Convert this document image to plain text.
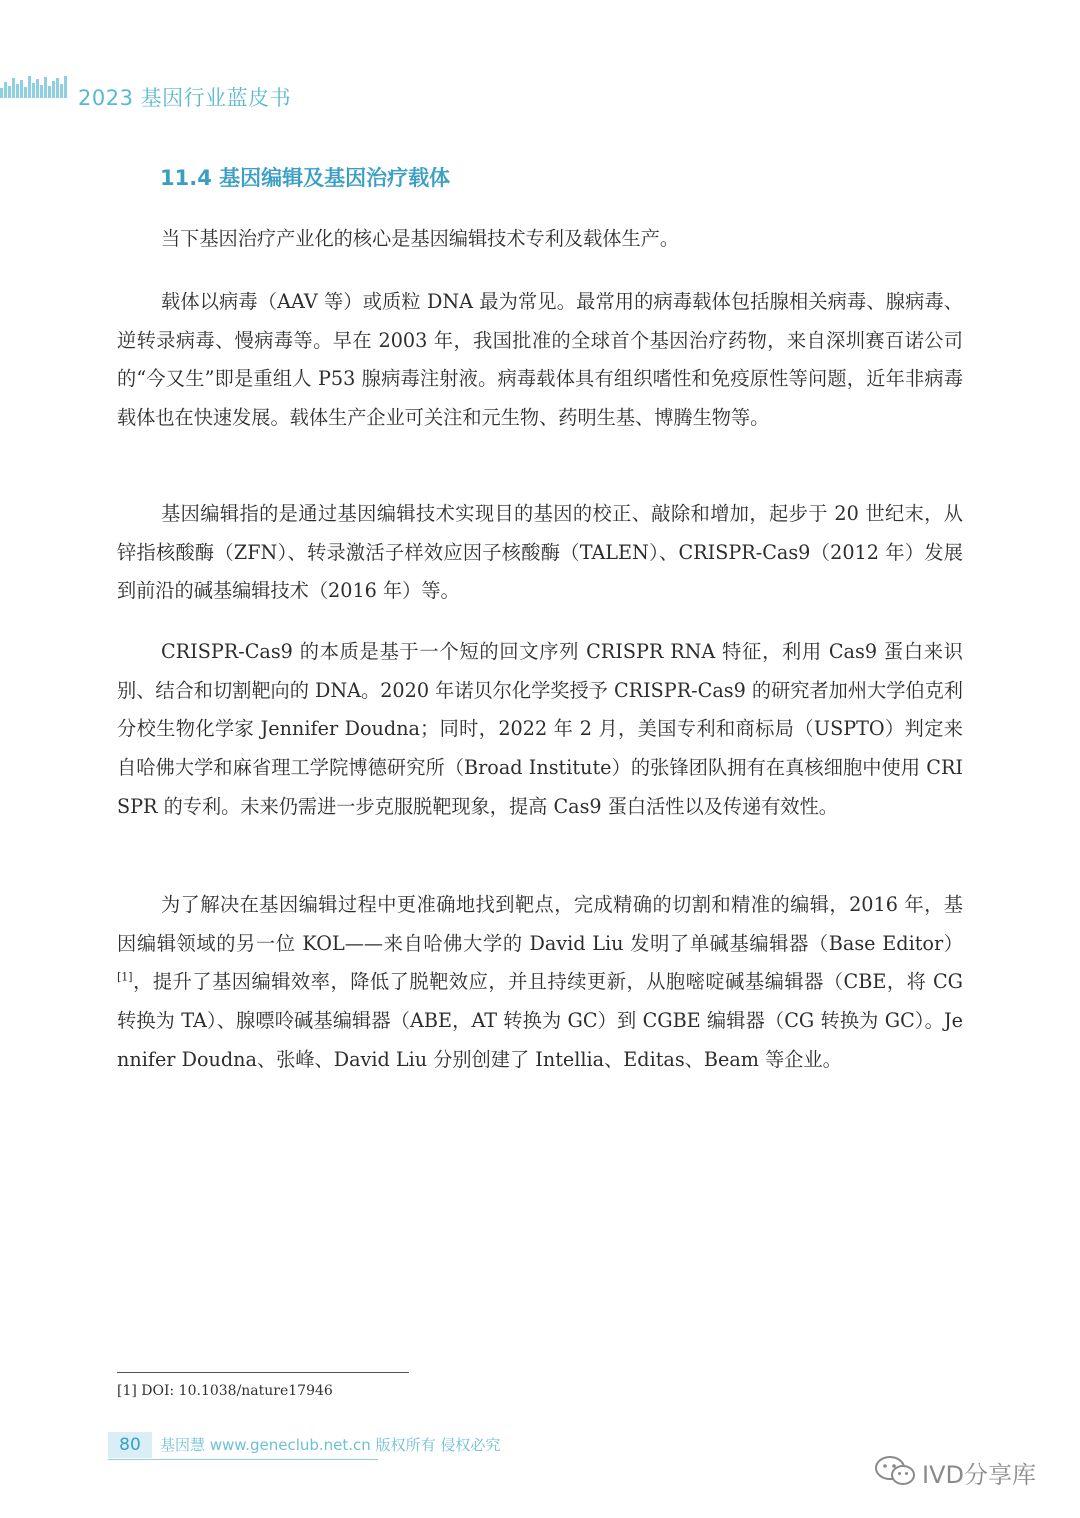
2023 基因行业蓝皮书
11.4 基因编辑及基因治疗载体

当下基因治疗产业化的核心是基因编辑技术专利及载体生产。

载体以病毒（AAV 等）或质粒 DNA 最为常见。最常用的病毒载体包括腺相关病毒、腺病毒、逆转录病毒、慢病毒等。早在 2003 年，我国批准的全球首个基因治疗药物，来自深圳赛百诺公司的“今又生”即是重组人 P53 腺病毒注射液。病毒载体具有组织嗜性和免疫原性等问题，近年非病毒载体也在快速发展。载体生产企业可关注和元生物、药明生基、博腾生物等。

基因编辑指的是通过基因编辑技术实现目的基因的校正、敲除和增加，起步于 20 世纪末，从锌指核酸酶（ZFN）、转录激活子样效应因子核酸酶（TALEN）、CRISPR-Cas9（2012 年）发展到前沿的碱基编辑技术（2016 年）等。

CRISPR-Cas9 的本质是基于一个短的回文序列 CRISPR RNA 特征，利用 Cas9 蛋白来识别、结合和切割靶向的 DNA。2020 年诺贝尔化学奖授予 CRISPR-Cas9 的研究者加州大学伯克利分校生物化学家 Jennifer Doudna；同时，2022 年 2 月，美国专利和商标局（USPTO）判定来自哈佛大学和麻省理工学院博德研究所（Broad Institute）的张锋团队拥有在真核细胞中使用 CRISPR 的专利。未来仍需进一步克服脱靶现象，提高 Cas9 蛋白活性以及传递有效性。

为了解决在基因编辑过程中更准确地找到靶点，完成精确的切割和精准的编辑，2016 年，基因编辑领域的另一位 KOL——来自哈佛大学的 David Liu 发明了单碱基编辑器（Base Editor）[1]，提升了基因编辑效率，降低了脱靶效应，并且持续更新，从胞嘧啶碱基编辑器（CBE，将 CG 转换为 TA）、腺嘌呤碱基编辑器（ABE，AT 转换为 GC）到 CGBE 编辑器（CG 转换为 GC）。Jennifer Doudna、张峰、David Liu 分别创建了 Intellia、Editas、Beam 等企业。

[1] DOI: 10.1038/nature17946
80	基因慧 www.geneclub.net.cn 版权所有 侵权必究
IVD分享库
